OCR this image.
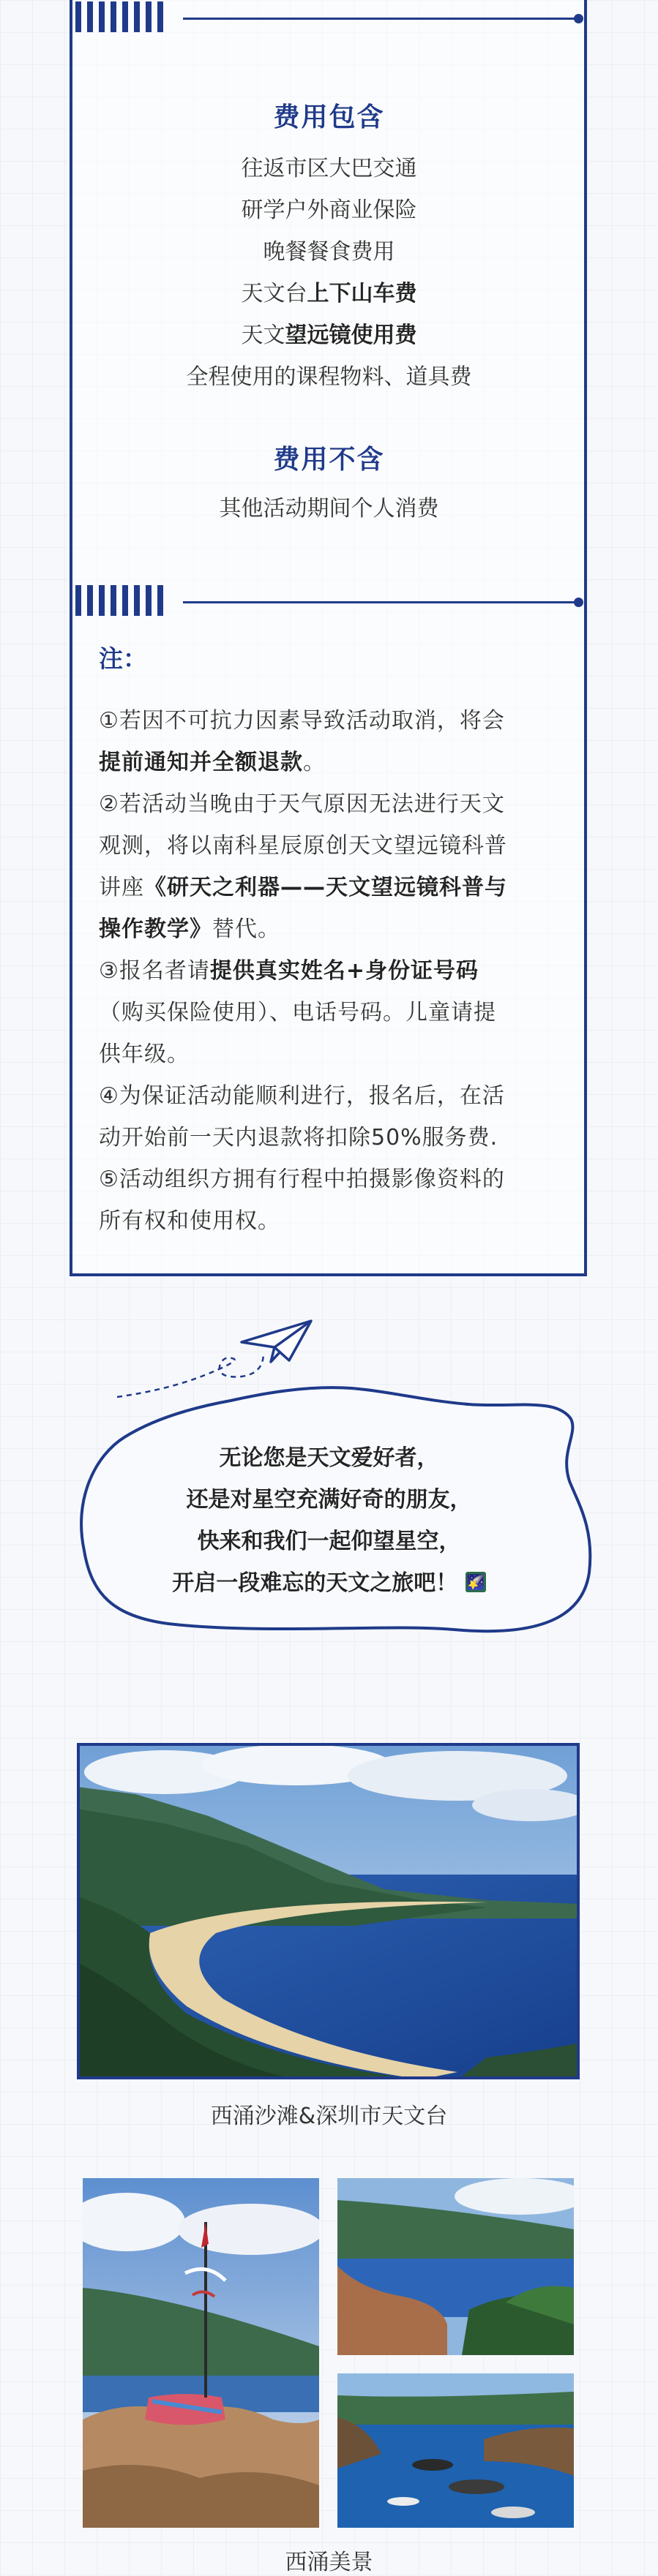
费用包含
往返市区大巴交通
研学户外商业保险
晚餐餐食费用
天文台上下山车费
天文望远镜使用费
全程使用的课程物料、道具费
费用不含
其他活动期间个人消费
注：
①若因不可抗力因素导致活动取消，将会
提前通知并全额退款。
②若活动当晚由于天气原因无法进行天文
观测，将以南科星辰原创天文望远镜科普
讲座《研天之利器——天文望远镜科普与
操作教学》替代。
③报名者请提供真实姓名+身份证号码
（购买保险使用）、电话号码。儿童请提
供年级。
④为保证活动能顺利进行，报名后，在活
动开始前一天内退款将扣除50%服务费.
⑤活动组织方拥有行程中拍摄影像资料的
所有权和使用权。
无论您是天文爱好者，
还是对星空充满好奇的朋友，
快来和我们一起仰望星空，
开启一段难忘的天文之旅吧！ 🌠
西涌沙滩&深圳市天文台
西涌美景
